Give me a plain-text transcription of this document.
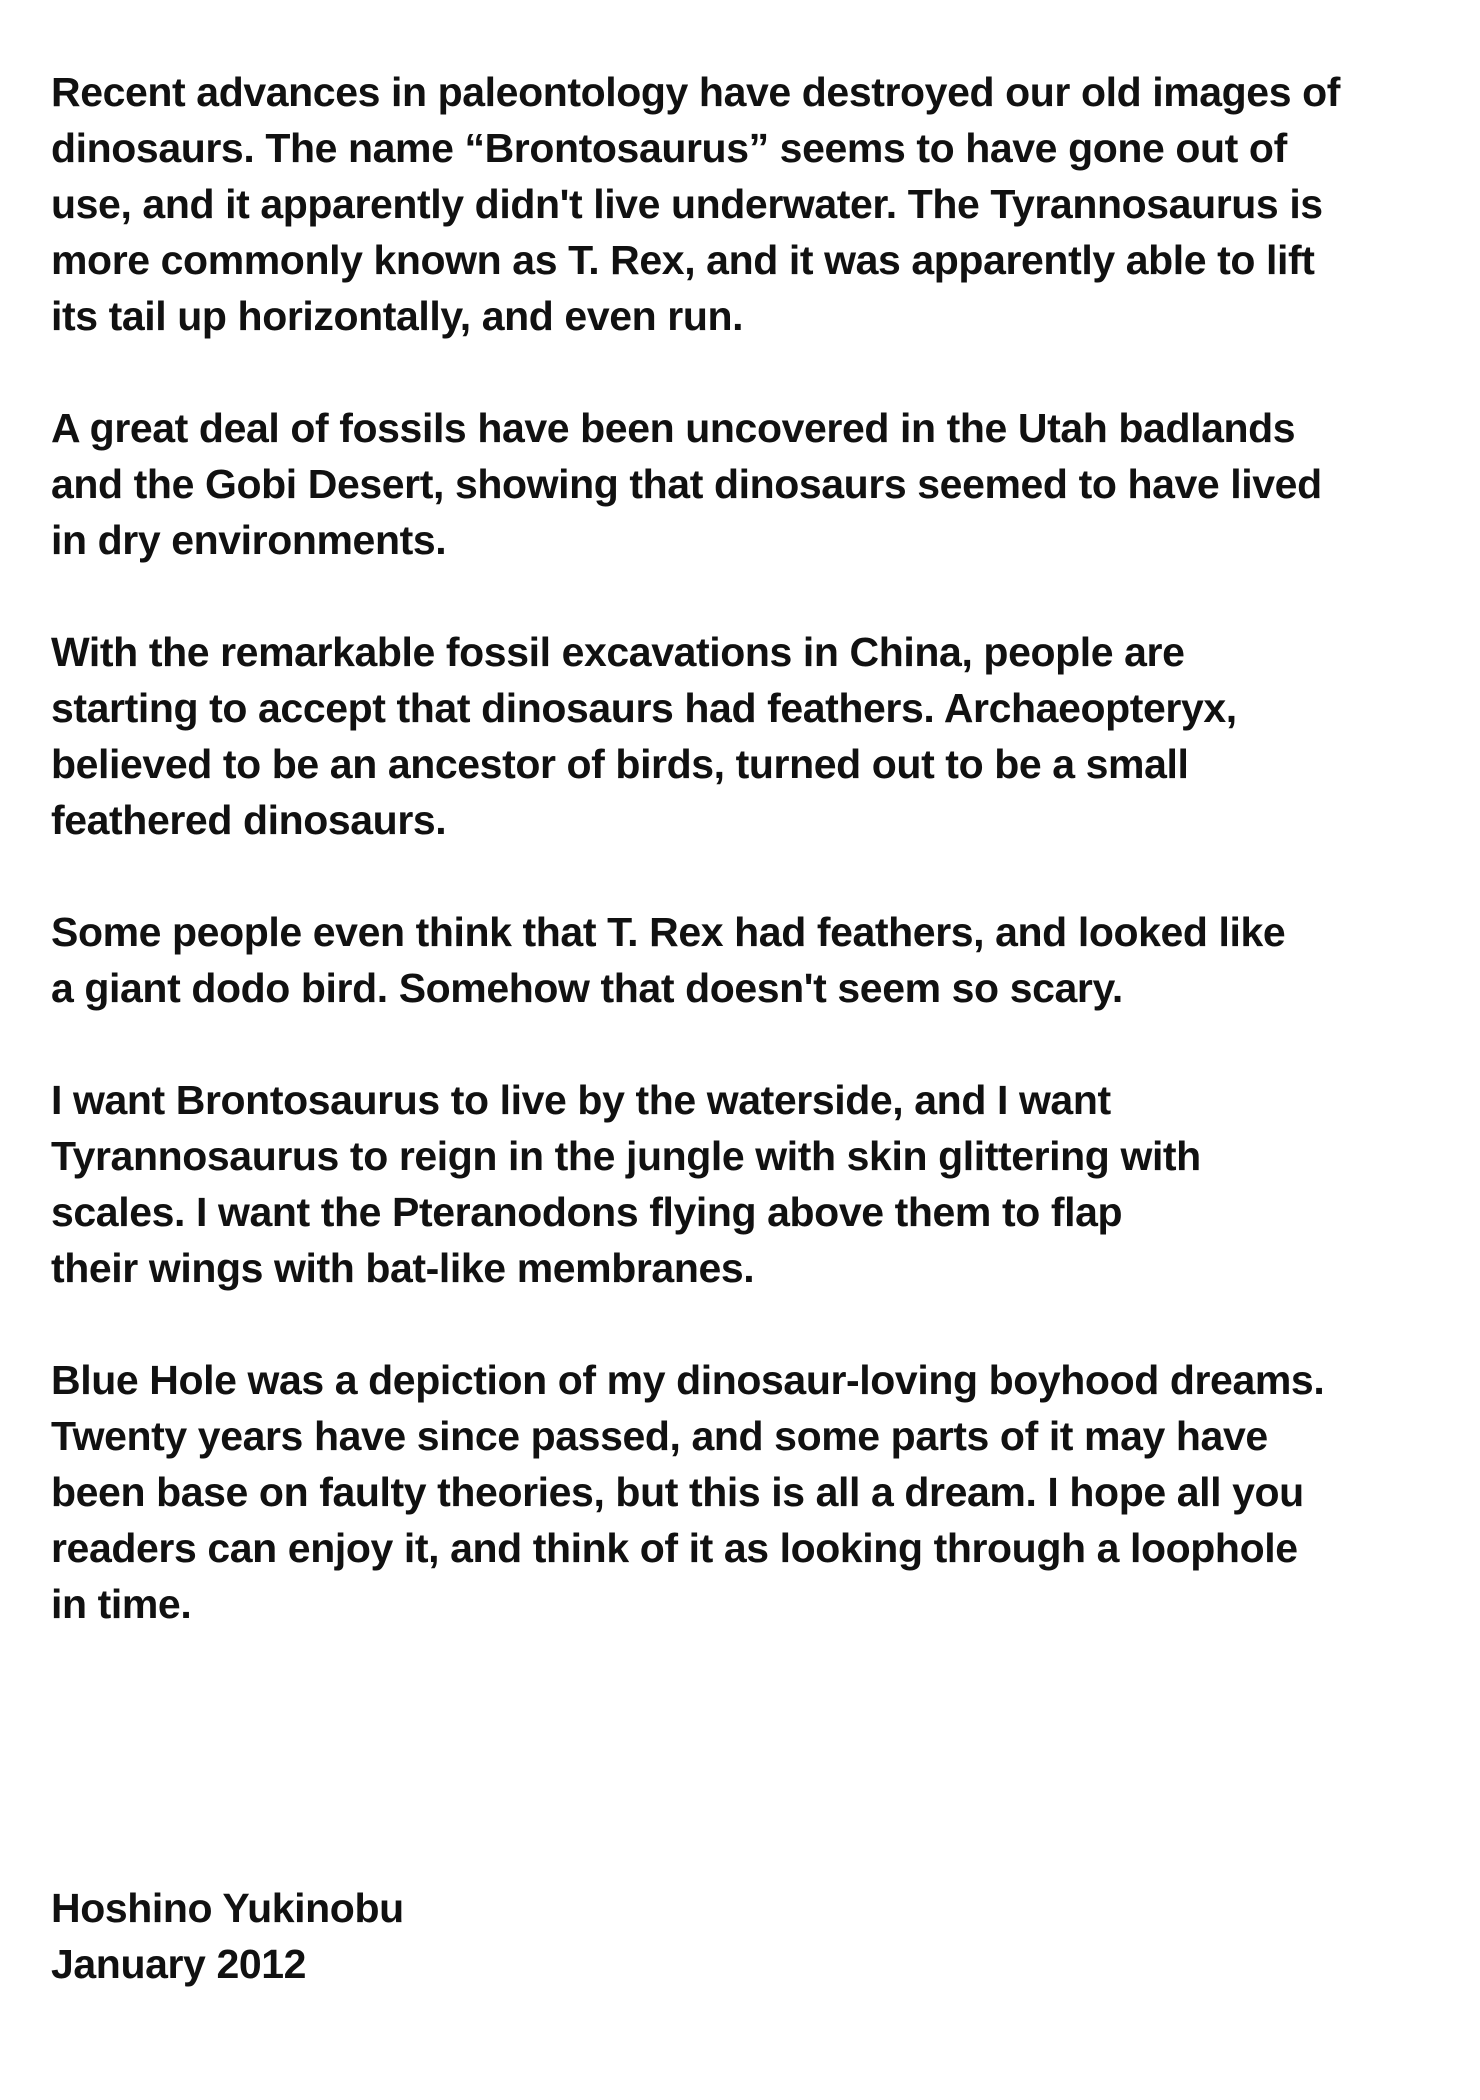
Recent advances in paleontology have destroyed our old images of
dinosaurs. The name “Brontosaurus” seems to have gone out of
use, and it apparently didn't live underwater. The Tyrannosaurus is
more commonly known as T. Rex, and it was apparently able to lift
its tail up horizontally, and even run.

A great deal of fossils have been uncovered in the Utah badlands
and the Gobi Desert, showing that dinosaurs seemed to have lived
in dry environments.

With the remarkable fossil excavations in China, people are
starting to accept that dinosaurs had feathers. Archaeopteryx,
believed to be an ancestor of birds, turned out to be a small
feathered dinosaurs.

Some people even think that T. Rex had feathers, and looked like
a giant dodo bird. Somehow that doesn't seem so scary.

I want Brontosaurus to live by the waterside, and I want
Tyrannosaurus to reign in the jungle with skin glittering with
scales. I want the Pteranodons flying above them to flap
their wings with bat-like membranes.

Blue Hole was a depiction of my dinosaur-loving boyhood dreams.
Twenty years have since passed, and some parts of it may have
been base on faulty theories, but this is all a dream. I hope all you
readers can enjoy it, and think of it as looking through a loophole
in time.

Hoshino Yukinobu
January 2012
